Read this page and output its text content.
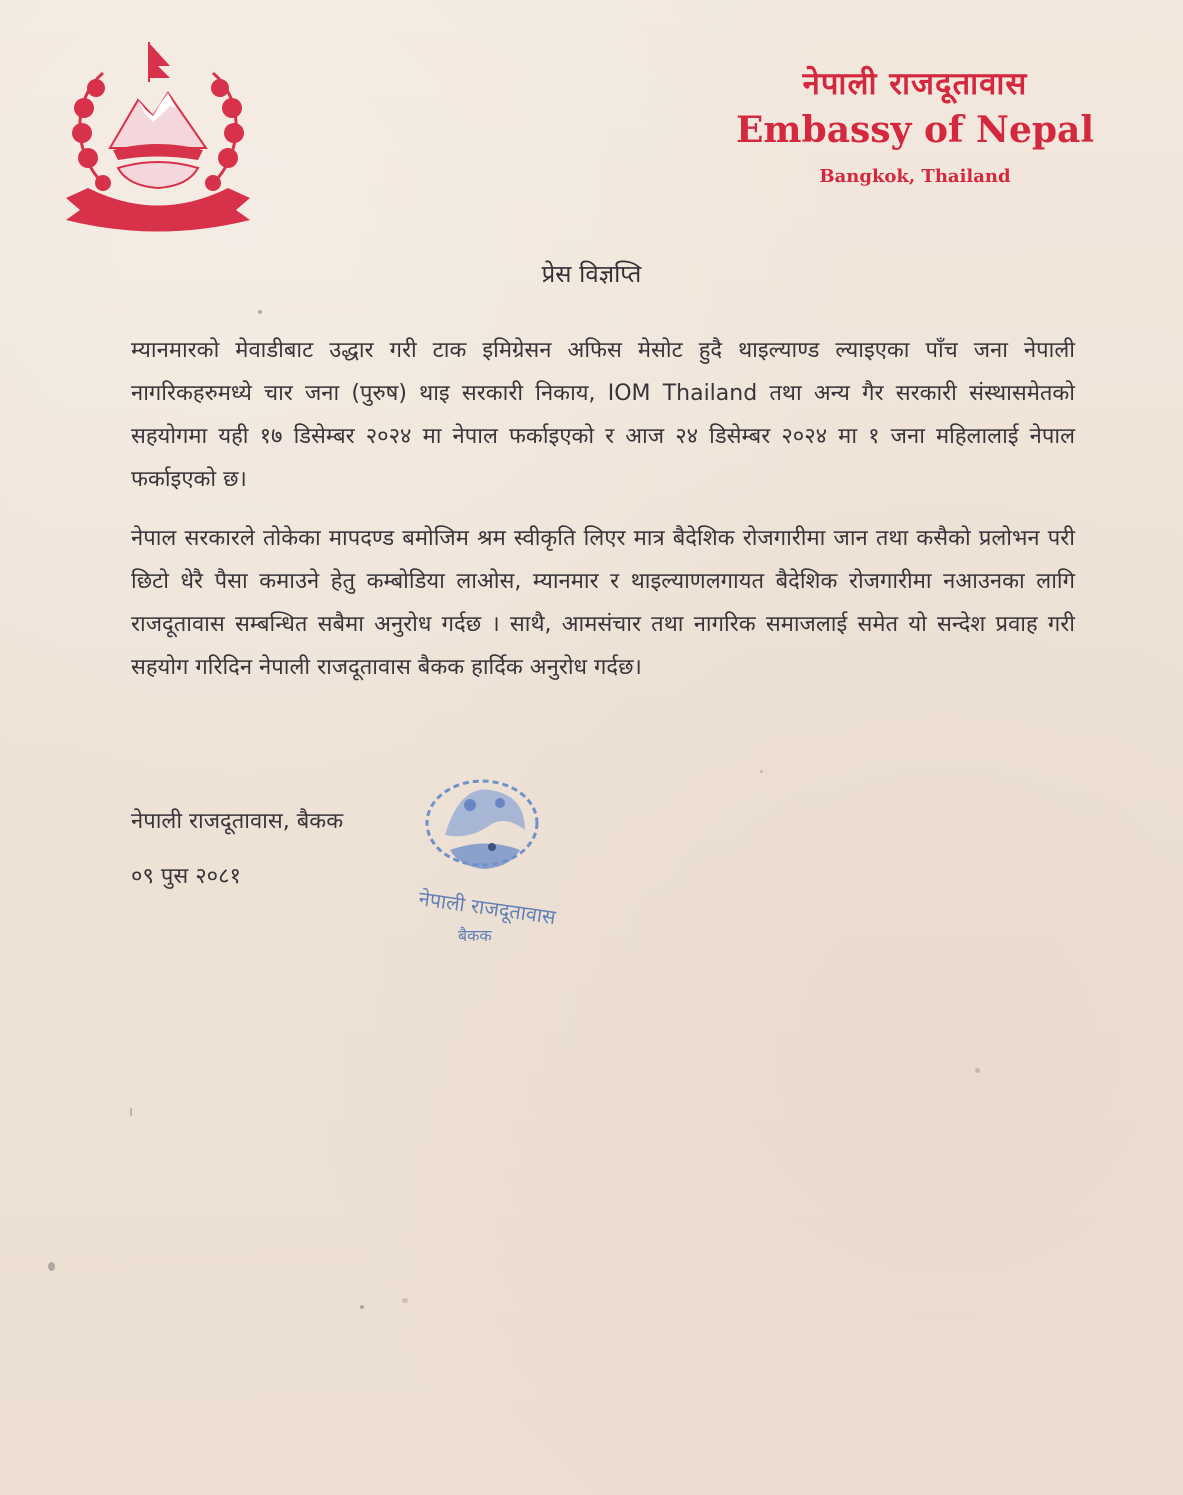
नेपाली राजदूतावास
Embassy of Nepal
Bangkok, Thailand
प्रेस विज्ञप्ति

म्यानमारको मेवाडीबाट उद्धार गरी टाक इमिग्रेसन अफिस मेसोट हुदै थाइल्याण्ड ल्याइएका पाँच जना नेपाली नागरिकहरुमध्ये चार जना (पुरुष) थाइ सरकारी निकाय, IOM Thailand तथा अन्य गैर सरकारी संस्थासमेतको सहयोगमा यही १७ डिसेम्बर २०२४ मा नेपाल फर्काइएको र आज २४ डिसेम्बर २०२४ मा १ जना महिलालाई नेपाल फर्काइएको छ।

नेपाल सरकारले तोकेका मापदण्ड बमोजिम श्रम स्वीकृति लिएर मात्र बैदेशिक रोजगारीमा जान तथा कसैको प्रलोभन परी छिटो धेरै पैसा कमाउने हेतु कम्बोडिया लाओस, म्यानमार र थाइल्याणलगायत बैदेशिक रोजगारीमा नआउनका लागि राजदूतावास सम्बन्धित सबैमा अनुरोध गर्दछ । साथै, आमसंचार तथा नागरिक समाजलाई समेत यो सन्देश प्रवाह गरी सहयोग गरिदिन नेपाली राजदूतावास बैकक हार्दिक अनुरोध गर्दछ।

नेपाली राजदूतावास, बैकक
०९ पुस २०८१
नेपाली राजदूतावास
बैकक
